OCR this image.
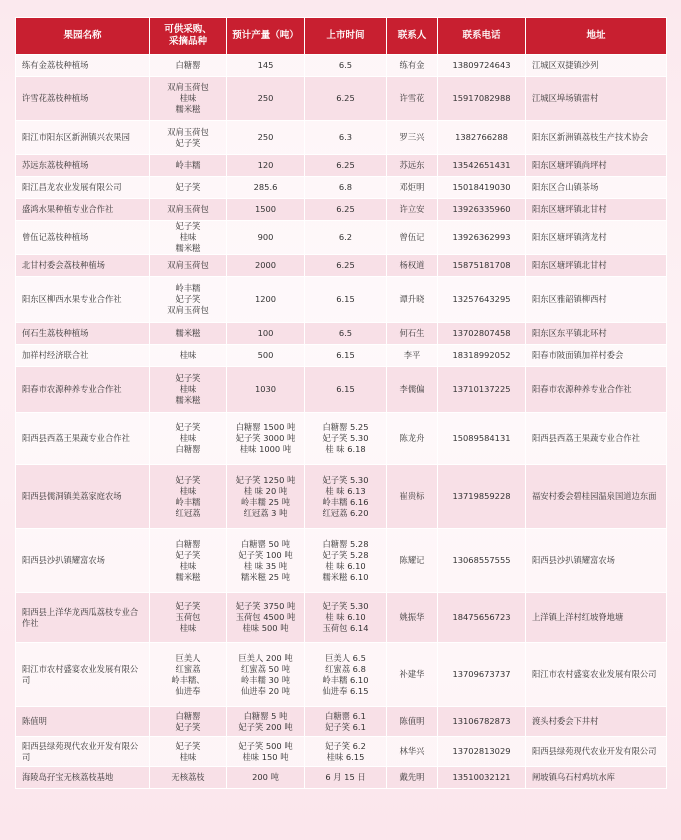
果园名称	可供采购、
采摘品种	预计产量（吨）	上市时间	联系人	联系电话	地址
练有金荔枝种植场	白糖罂	145	6.5	练有金	13809724643	江城区双捷镇沙列
许雪花荔枝种植场	双肩玉荷包
桂味
糯米糍	250	6.25	许雪花	15917082988	江城区埠场镇雷村
阳江市阳东区新洲镇兴农果园	双肩玉荷包
妃子笑	250	6.3	罗三兴	1382766288	阳东区新洲镇荔枝生产技术协会
苏远东荔枝种植场	岭丰糯	120	6.25	苏远东	13542651431	阳东区塘坪镇尚坪村
阳江昌龙农业发展有限公司	妃子笑	285.6	6.8	邓炬明	15018419030	阳东区合山镇茶场
盛鸿水果种植专业合作社	双肩玉荷包	1500	6.25	许立安	13926335960	阳东区塘坪镇北甘村
曾伍记荔枝种植场	妃子笑
桂味
糯米糍	900	6.2	曾伍记	13926362993	阳东区塘坪镇湾龙村
北甘村委会荔枝种植场	双肩玉荷包	2000	6.25	杨权道	15875181708	阳东区塘坪镇北甘村
阳东区柳西水果专业合作社	岭丰糯
妃子笑
双肩玉荷包	1200	6.15	谭升晓	13257643295	阳东区雅韶镇柳西村
何石生荔枝种植场	糯米糍	100	6.5	何石生	13702807458	阳东区东平镇北环村
加祥村经济联合社	桂味	500	6.15	李平	18318992052	阳春市陂面镇加祥村委会
阳春市农源种养专业合作社	妃子笑
桂味
糯米糍	1030	6.15	李儒偏	13710137225	阳春市农源种养专业合作社
阳西县西荔王果蔬专业合作社	妃子笑
桂味
白糖罂	白糖罂 1500 吨
妃子笑 3000 吨
桂味 1000 吨	白糖罂 5.25
妃子笑 5.30
桂 味 6.18	陈龙舟	15089584131	阳西县西荔王果蔬专业合作社
阳西县儒洞镇美荔家庭农场	妃子笑
桂味
岭丰糯
红冠荔	妃子笑 1250 吨
桂 味 20 吨
岭丰糯 25 吨
红冠荔 3 吨	妃子笑 5.30
桂 味 6.13
岭丰糯 6.16
红冠荔 6.20	崔贵标	13719859228	福安村委会碧桂园温泉国道边东面
阳西县沙扒镇耀富农场	白糖罂
妃子笑
桂味
糯米糍	白糖罂 50 吨
妃子笑 100 吨
桂 味 35 吨
糯米糍 25 吨	白糖罂 5.28
妃子笑 5.28
桂 味 6.10
糯米糍 6.10	陈耀记	13068557555	阳西县沙扒镇耀富农场
阳西县上洋华龙西瓜荔枝专业合作社	妃子笑
玉荷包
桂味	妃子笑 3750 吨
玉荷包 4500 吨
桂味 500 吨	妃子笑 5.30
桂 味 6.10
玉荷包 6.14	姚振华	18475656723	上洋镇上洋村红坡脊地塘
阳江市农村盛宴农业发展有限公司	巨美人
红蜜荔
岭丰糯、
仙进奉	巨美人 200 吨
红蜜荔 50 吨
岭丰糯 30 吨
仙进奉 20 吨	巨美人 6.5
红蜜荔 6.8
岭丰糯 6.10
仙进奉 6.15	补建华	13709673737	阳江市农村盛宴农业发展有限公司
陈值明	白糖罂
妃子笑	白糖罂 5 吨
妃子笑 200 吨	白糖罂 6.1
妃子笑 6.1	陈值明	13106782873	渡头村委会下井村
阳西县绿苑现代农业开发有限公司	妃子笑
桂味	妃子笑 500 吨
桂味 150 吨	妃子笑 6.2
桂味 6.15	林华兴	13702813029	阳西县绿苑现代农业开发有限公司
海陵岛孖宝无核荔枝基地	无核荔枝	200 吨	6 月 15 日	戴先明	13510032121	闸坡镇乌石村鸡坑水库
